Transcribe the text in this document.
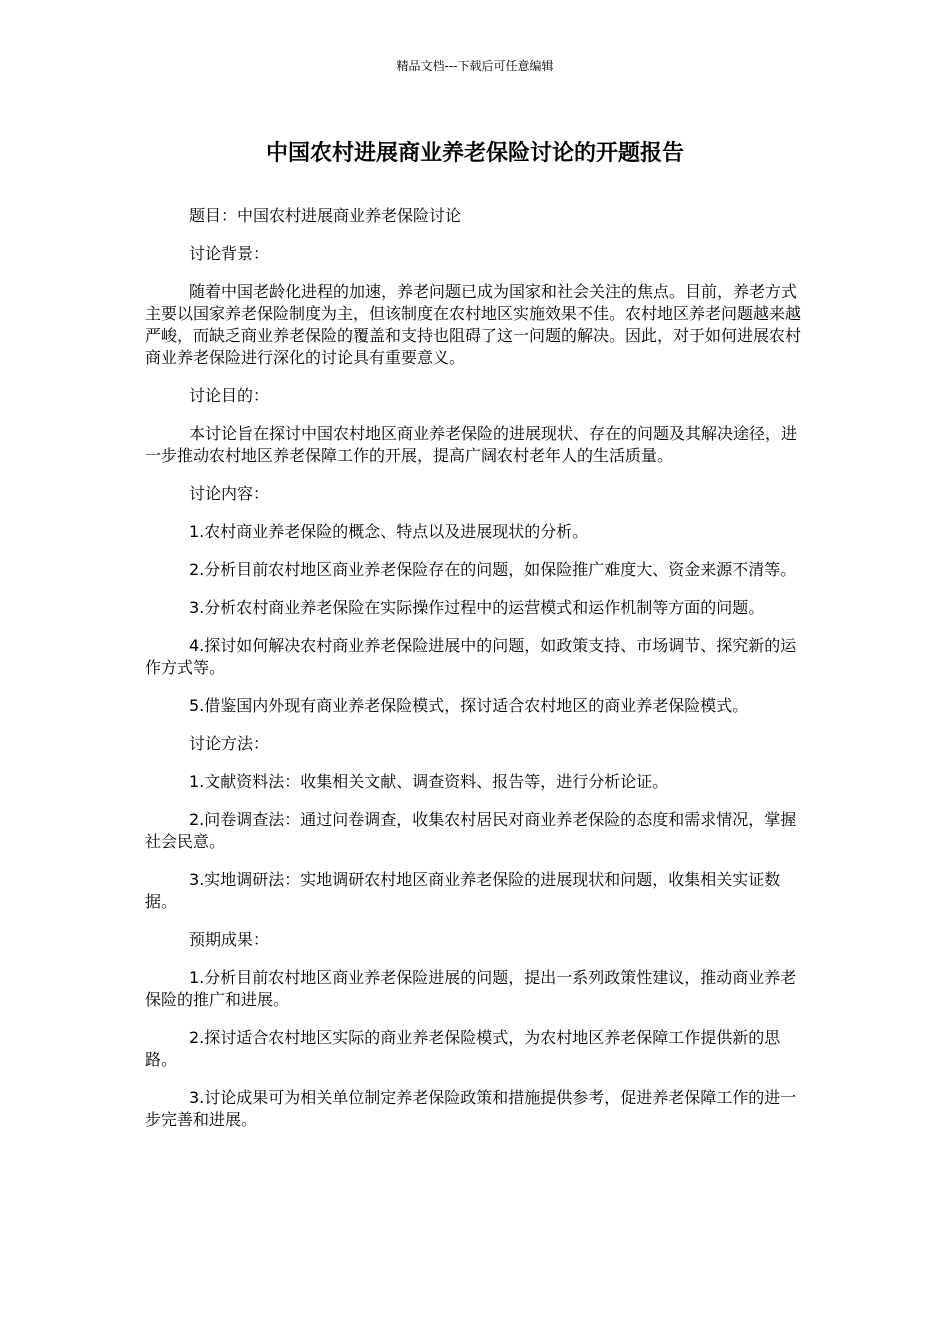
精品文档---下载后可任意编辑
中国农村进展商业养老保险讨论的开题报告

题目：中国农村进展商业养老保险讨论

讨论背景：

随着中国老龄化进程的加速，养老问题已成为国家和社会关注的焦点。目前，养老方式主要以国家养老保险制度为主，但该制度在农村地区实施效果不佳。农村地区养老问题越来越严峻，而缺乏商业养老保险的覆盖和支持也阻碍了这一问题的解决。因此，对于如何进展农村商业养老保险进行深化的讨论具有重要意义。

讨论目的：

本讨论旨在探讨中国农村地区商业养老保险的进展现状、存在的问题及其解决途径，进一步推动农村地区养老保障工作的开展，提高广阔农村老年人的生活质量。

讨论内容：

1.农村商业养老保险的概念、特点以及进展现状的分析。

2.分析目前农村地区商业养老保险存在的问题，如保险推广难度大、资金来源不清等。

3.分析农村商业养老保险在实际操作过程中的运营模式和运作机制等方面的问题。

4.探讨如何解决农村商业养老保险进展中的问题，如政策支持、市场调节、探究新的运作方式等。

5.借鉴国内外现有商业养老保险模式，探讨适合农村地区的商业养老保险模式。

讨论方法：

1.文献资料法：收集相关文献、调查资料、报告等，进行分析论证。

2.问卷调查法：通过问卷调查，收集农村居民对商业养老保险的态度和需求情况，掌握社会民意。

3.实地调研法：实地调研农村地区商业养老保险的进展现状和问题，收集相关实证数据。

预期成果：

1.分析目前农村地区商业养老保险进展的问题，提出一系列政策性建议，推动商业养老保险的推广和进展。

2.探讨适合农村地区实际的商业养老保险模式，为农村地区养老保障工作提供新的思路。

3.讨论成果可为相关单位制定养老保险政策和措施提供参考，促进养老保障工作的进一步完善和进展。
